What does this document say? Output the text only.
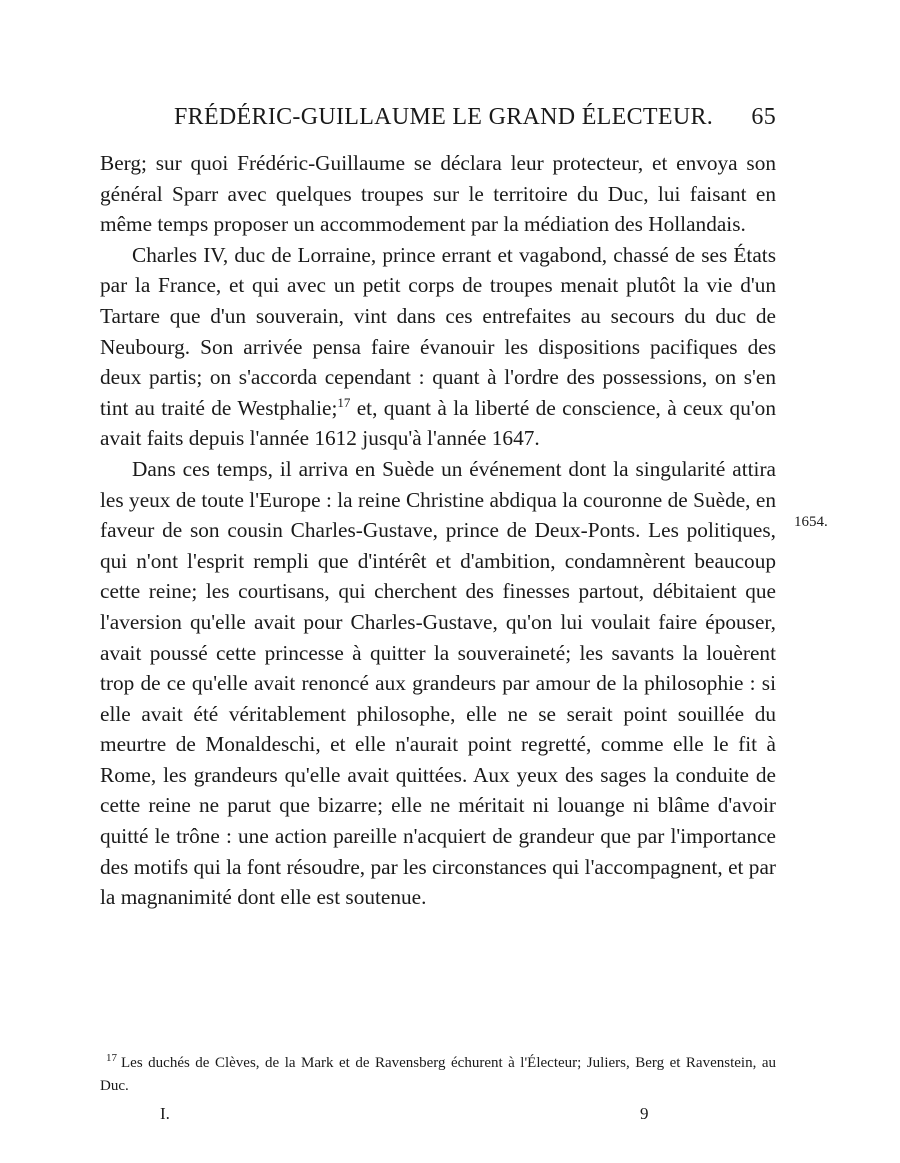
FRÉDÉRIC-GUILLAUME LE GRAND ÉLECTEUR. 65

Berg; sur quoi Frédéric-Guillaume se déclara leur protecteur, et envoya son général Sparr avec quelques troupes sur le territoire du Duc, lui faisant en même temps proposer un accommodement par la médiation des Hollandais.

Charles IV, duc de Lorraine, prince errant et vagabond, chassé de ses États par la France, et qui avec un petit corps de troupes menait plutôt la vie d'un Tartare que d'un souverain, vint dans ces entrefaites au secours du duc de Neubourg. Son arrivée pensa faire évanouir les dispositions pacifiques des deux partis; on s'accorda cependant : quant à l'ordre des possessions, on s'en tint au traité de Westphalie;$^{17}$ et, quant à la liberté de conscience, à ceux qu'on avait faits depuis l'année 1612 jusqu'à l'année 1647.

Dans ces temps, il arriva en Suède un événement dont la singularité attira les yeux de toute l'Europe : la reine Christine abdiqua la couronne de Suède, en faveur de son cousin Charles-Gustave, prince de Deux-Ponts. Les politiques, qui n'ont l'esprit rempli que d'intérêt et d'ambition, condamnèrent beaucoup cette reine; les courtisans, qui cherchent des finesses partout, débitaient que l'aversion qu'elle avait pour Charles-Gustave, qu'on lui voulait faire épouser, avait poussé cette princesse à quitter la souveraineté; les savants la louèrent trop de ce qu'elle avait renoncé aux grandeurs par amour de la philosophie : si elle avait été véritablement philosophe, elle ne se serait point souillée du meurtre de Monaldeschi, et elle n'aurait point regretté, comme elle le fit à Rome, les grandeurs qu'elle avait quittées. Aux yeux des sages la conduite de cette reine ne parut que bizarre; elle ne méritait ni louange ni blâme d'avoir quitté le trône : une action pareille n'acquiert de grandeur que par l'importance des motifs qui la font résoudre, par les circonstances qui l'accompagnent, et par la magnanimité dont elle est soutenue.

1654.
$^{17}$ Les duchés de Clèves, de la Mark et de Ravensberg échurent à l'Électeur; Juliers, Berg et Ravenstein, au Duc.
I.	9
